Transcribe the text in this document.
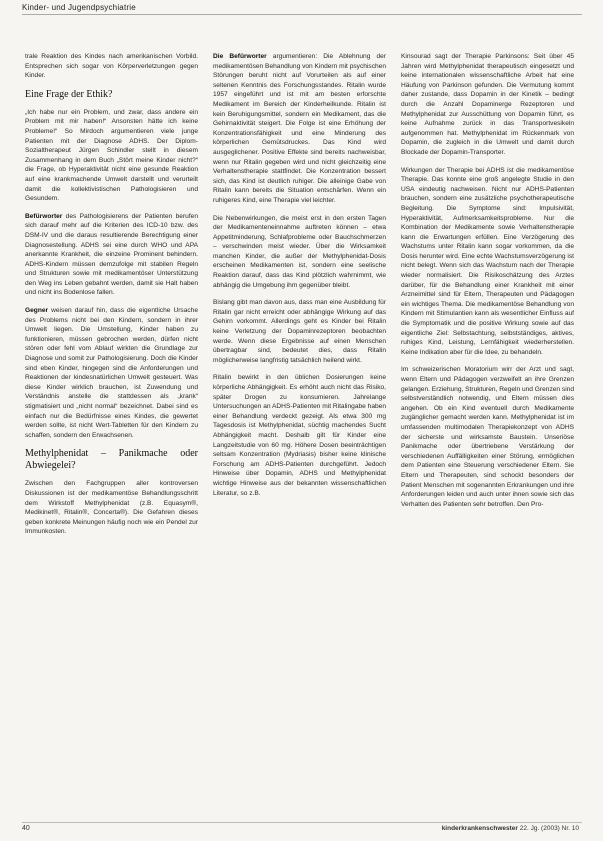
Kinder- und Jugendpsychiatrie

trale Reaktion des Kindes nach amerikanischen Vorbild. Entsprechen sich sogar von Körperverletzungen gegen Kinder.

Eine Frage der Ethik?

„Ich habe nur ein Problem, und zwar, dass andere ein Problem mit mir haben!“ Ansonsten hätte ich keine Probleme!“ So Mirdoch argumentieren viele junge Patienten mit der Diagnose ADHS. Der Diplom-Sozialtherapeut Jürgen Schindler stellt in diesem Zusammenhang in dem Buch „Stört meine Kinder nicht?“ die Frage, ob Hyperaktivität nicht eine gesunde Reaktion auf eine krankmachende Umwelt darstellt und verurteilt damit die kollektivistischen Pathologisieren und Gesundem.

Befürworter des Pathologisierens der Patienten berufen sich darauf mehr auf die Kriterien des ICD-10 bzw. des DSM-IV und die daraus resultierende Berechtigung einer Diagnosestellung. ADHS sei eine durch WHO und APA anerkannte Krankheit, die einzeine Prominent behindern. ADHS-Kindern müssen demzufolge mit stabilen Regeln und Strukturen sowie mit medikamentöser Unterstützung den Weg ins Leben gebahnt werden, damit sie Halt haben und nicht ins Bodenlose fallen.

Gegner weisen darauf hin, dass die eigentliche Ursache des Problems nicht bei den Kindern, sondern in ihrer Umwelt liegen. Die Umstellung, Kinder haben zu funktionieren, müssen gebrochen werden, dürfen nicht stören oder fehl vom Ablauf wirkten die Grundlage zur Diagnose und somit zur Pathologisierung. Doch die Kinder sind eben Kinder, hingegen sind die Anforderungen und Reaktionen der kindesnatürlichen Umwelt gesteuert. Was diese Kinder wirklich brauchen, ist Zuwendung und Verständnis anstelle die stattdessen als „krank“ stigmatisiert und „nicht normal“ bezeichnet. Dabei sind es einfach nur die Bedürfnisse eines Kindes, die gewertet werden sollte, ist nicht Wert-Tabletten für den Kindern zu schaffen, sondern den Erwachsenen.

Methylphenidat – Panikmache oder Abwiegelei?

Zwischen den Fachgruppen aller kontroversen Diskussionen ist der medikamentöse Behandlungsschritt dem Wirkstoff Methylphenidat (z.B. Equasym®, Medikinet®, Ritalin®, Concerta®). Die Gefahren dieses geben konkrete Meinungen häufig noch wie ein Pendel zur Immunkosten.

Die Befürworter argumentieren: Die Ablehnung der medikamentösen Behandlung von Kindern mit psychischen Störungen beruht nicht auf Vorurteilen als auf einer seltenen Kenntnis des Forschungsstandes. Ritalin wurde 1957 eingeführt und ist mit am besten erforschte Medikament im Bereich der Kinderheilkunde. Ritalin ist kein Beruhigungsmittel, sondern ein Medikament, das die Gehirnaktivität steigert. Die Folge ist eine Erhöhung der Konzentrationsfähigkeit und eine Minderung des körperlichen Gemütsdruckes. Das Kind wird ausgeglichener. Positive Effekte sind bereits nachweisbar, wenn nur Ritalin gegeben wird und nicht gleichzeitig eine Verhaltenstherapie stattfindet. Die Konzentration bessert sich, das Kind ist deutlich ruhiger. Die alleinige Gabe von Ritalin kann bereits die Situation entschärfen. Wenn ein ruhigeres Kind, eine Therapie viel leichter.

Die Nebenwirkungen, die meist erst in den ersten Tagen der Medikamenteneinnahme auftreten können – etwa Appetitminderung, Schlafprobleme oder Bauchschmerzen – verschwinden meist wieder. Über die Wirksamkeit manchen Kinder, die außer der Methylphenidat-Dosis erscheinen Medikamenten ist, sondern eine seelische Reaktion darauf, dass das Kind plötzlich wahrnimmt, wie abhängig die Umgebung ihm gegenüber bleibt.

Bislang gibt man davon aus, dass man eine Ausbildung für Ritalin gar nicht erreicht oder abhängige Wirkung auf das Gehirn vorkommt. Allerdings geht es Kinder bei Ritalin keine Verletzung der Dopaminrezeptoren beobachten werde. Wenn diese Ergebnisse auf einen Menschen übertragbar sind, bedeutet dies, dass Ritalin möglicherweise langfristig tatsächlich heilend wirkt.

Ritalin bewirkt in den üblichen Dosierungen keine körperliche Abhängigkeit. Es erhöht auch nicht das Risiko, später Drogen zu konsumieren. Jahrelange Untersuchungen an ADHS-Patienten mit Ritalingabe haben einer Behandlung verdeckt gezeigt. Als etwa 300 mg Tagesdosis ist Methylphenidat, süchtig machendes Sucht Abhängigkeit macht. Deshalb gilt für Kinder eine Langzeitstudie von 60 mg. Höhere Dosen beeinträchtigen seltsam Konzentration (Mydriasis) bisher keine klinische Forschung am ADHS-Patienten durchgeführt. Jedoch Hinweise über Dopamin, ADHS und Methylphenidat wichtige Hinweise aus der bekannten wissenschaftlichen Literatur, so z.B.

Kinsourad sagt der Therapie Parkinsons: Seit über 45 Jahren wird Methylphenidat therapeutisch eingesetzt und keine internationalen wissenschaftliche Arbeit hat eine Häufung von Parkinson gefunden. Die Vermutung kommt daher zustande, dass Dopamin in der Kinetik – bedingt durch die Anzahl Dopaminerge Rezeptoren und Methylphenidat zur Ausschüttung von Dopamin führt, es keine Aufnahme zurück in das Transportvesikeln aufgenommen hat. Methylphenidat im Rückenmark von Dopamin, die zugleich in die Umwelt und damit durch Blockade der Dopamin-Transporter.

Wirkungen der Therapie bei ADHS ist die medikamentöse Therapie. Das konnte eine groß angelegte Studie in den USA eindeutig nachweisen. Nicht nur ADHS-Patienten brauchen, sondern eine zusätzliche psychotherapeutische Begleitung. Die Symptome sind: Impulsivität, Hyperaktivität, Aufmerksamkeitsprobleme. Nur die Kombination der Medikamente sowie Verhaltenstherapie kann die Erwartungen erfüllen. Eine Verzögerung des Wachstums unter Ritalin kann sogar vorkommen, da die Dosis herunter wird. Eine echte Wachstumsverzögerung ist nicht belegt. Wenn sich das Wachstum nach der Therapie wieder normalisiert. Die Risikoschätzung des Arztes darüber, für die Behandlung einer Krankheit mit einer Arzneimittel sind für Eltern, Therapeuten und Pädagogen ein wichtiges Thema. Die medikamentöse Behandlung von Kindern mit Stimulantien kann als wesentlicher Einfluss auf die Symptomatik und die positive Wirkung sowie auf das eigentliche Ziel: Selbstachtung, selbstständiges, aktives, ruhiges Kind, Leistung, Lernfähigkeit wiederherstellen. Keine Indikation aber für die Idee, zu behandeln.

Im schweizerischen Moratorium wirr der Arzt und sagt, wenn Eltern und Pädagogen verzweifelt an ihre Grenzen gelangen. Erziehung, Strukturen, Regeln und Grenzen sind selbstverständlich notwendig, und Eltern müssen dies angehen. Ob ein Kind eventuell durch Medikamente zugänglicher gemacht werden kann. Methylphenidat ist im umfassenden multimodalen Therapiekonzept von ADHS der sicherste und wirksamste Baustein. Unseriöse Panikmache oder übertriebene Verstärkung der verschiedenen Auffälligkeiten einer Störung, ermöglichen dem Patienten eine Steuerung verschiedener Eltern. Sie Eltern und Therapeuten, sind schockt besonders der Patient Menschen mit sogenannten Erkrankungen und ihre Anforderungen leiden und auch unter ihnen sowie sich das Verhalten des Patienten sehr betroffen. Den Pro-

40	kinderkrankenschwester 22. Jg. (2003) Nr. 10
